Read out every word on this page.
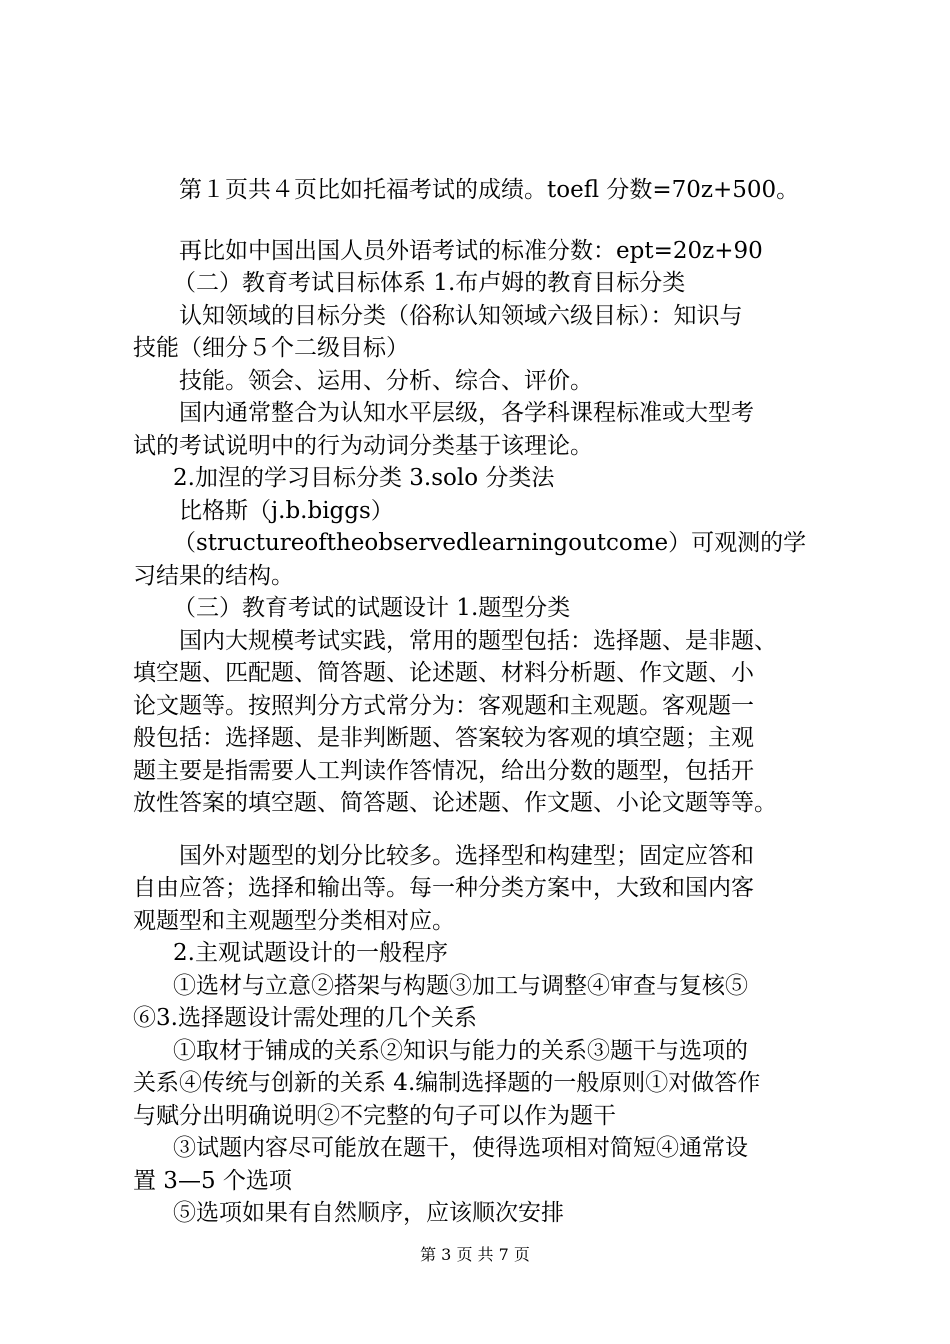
第１页共４页比如托福考试的成绩。toefl 分数=70z+500。
再比如中国出国人员外语考试的标准分数：ept=20z+90
（二）教育考试目标体系 1.布卢姆的教育目标分类
认知领域的目标分类（俗称认知领域六级目标）：知识与
技能（细分５个二级目标）
技能。领会、运用、分析、综合、评价。
国内通常整合为认知水平层级，各学科课程标准或大型考
试的考试说明中的行为动词分类基于该理论。
2.加涅的学习目标分类 3.solo 分类法
比格斯（j.b.biggs）
（structureoftheobservedlearningoutcome）可观测的学
习结果的结构。
（三）教育考试的试题设计 1.题型分类
国内大规模考试实践，常用的题型包括：选择题、是非题、
填空题、匹配题、简答题、论述题、材料分析题、作文题、小
论文题等。按照判分方式常分为：客观题和主观题。客观题一
般包括：选择题、是非判断题、答案较为客观的填空题；主观
题主要是指需要人工判读作答情况，给出分数的题型，包括开
放性答案的填空题、简答题、论述题、作文题、小论文题等等。
国外对题型的划分比较多。选择型和构建型；固定应答和
自由应答；选择和输出等。每一种分类方案中，大致和国内客
观题型和主观题型分类相对应。
2.主观试题设计的一般程序
①选材与立意②搭架与构题③加工与调整④审查与复核⑤
⑥3.选择题设计需处理的几个关系
①取材于铺成的关系②知识与能力的关系③题干与选项的
关系④传统与创新的关系 4.编制选择题的一般原则①对做答作
与赋分出明确说明②不完整的句子可以作为题干
③试题内容尽可能放在题干，使得选项相对简短④通常设
置 3—5 个选项
⑤选项如果有自然顺序，应该顺次安排
第 3 页 共 7 页
